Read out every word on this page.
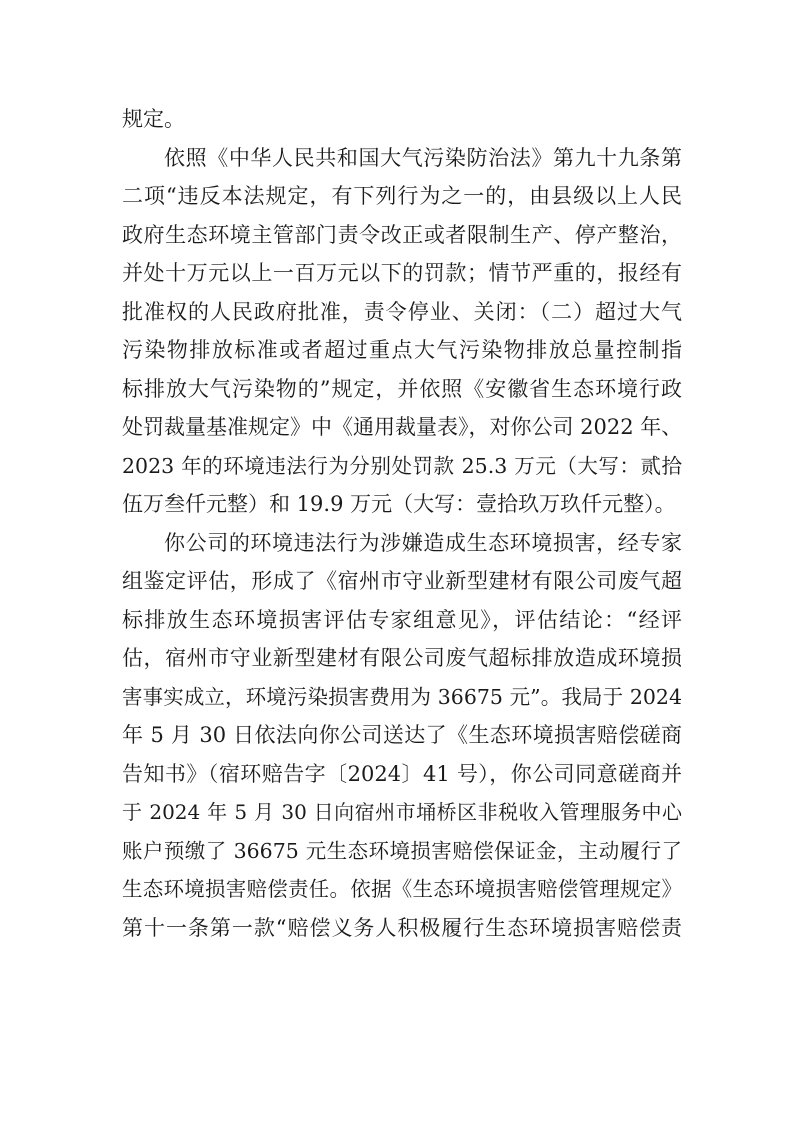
规定。
依照《中华人民共和国大气污染防治法》第九十九条第
二项“违反本法规定，有下列行为之一的，由县级以上人民
政府生态环境主管部门责令改正或者限制生产、停产整治，
并处十万元以上一百万元以下的罚款；情节严重的，报经有
批准权的人民政府批准，责令停业、关闭：（二）超过大气
污染物排放标准或者超过重点大气污染物排放总量控制指
标排放大气污染物的”规定，并依照《安徽省生态环境行政
处罚裁量基准规定》中《通用裁量表》，对你公司 2022 年、
2023 年的环境违法行为分别处罚款 25.3 万元（大写：贰拾
伍万叁仟元整）和 19.9 万元（大写：壹拾玖万玖仟元整）。
你公司的环境违法行为涉嫌造成生态环境损害，经专家
组鉴定评估，形成了《宿州市守业新型建材有限公司废气超
标排放生态环境损害评估专家组意见》，评估结论：“经评
估，宿州市守业新型建材有限公司废气超标排放造成环境损
害事实成立，环境污染损害费用为 36675 元”。我局于 2024
年 5 月 30 日依法向你公司送达了《生态环境损害赔偿磋商
告知书》（宿环赔告字〔2024〕41 号），你公司同意磋商并
于 2024 年 5 月 30 日向宿州市埇桥区非税收入管理服务中心
账户预缴了 36675 元生态环境损害赔偿保证金，主动履行了
生态环境损害赔偿责任。依据《生态环境损害赔偿管理规定》
第十一条第一款“赔偿义务人积极履行生态环境损害赔偿责
